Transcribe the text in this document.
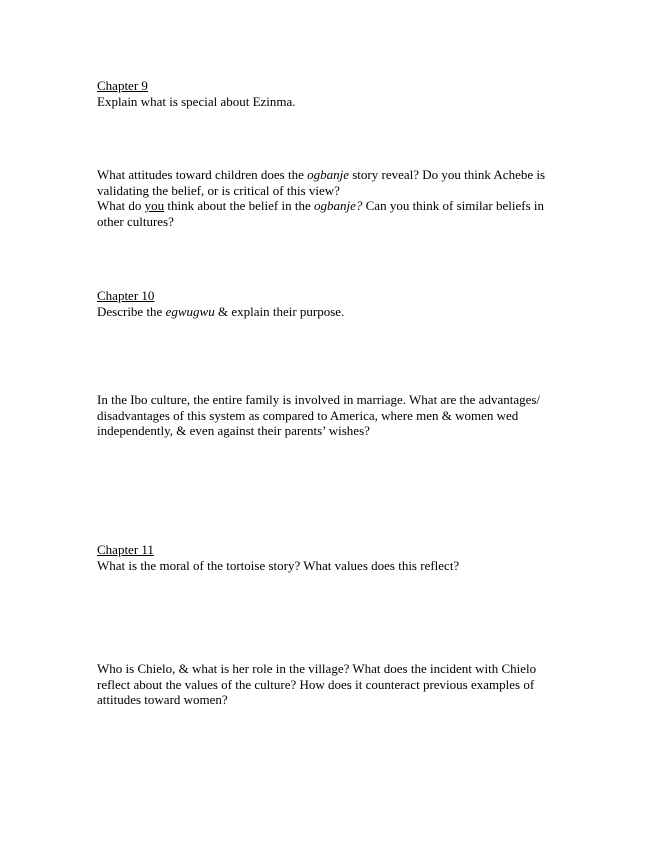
Chapter 9

Explain what is special about Ezinma.

What attitudes toward children does the ogbanje story reveal? Do you think Achebe is validating the belief, or is critical of this view?

What do you think about the belief in the ogbanje? Can you think of similar beliefs in other cultures?

Chapter 10

Describe the egwugwu & explain their purpose.

In the Ibo culture, the entire family is involved in marriage. What are the advantages/ disadvantages of this system as compared to America, where men & women wed independently, & even against their parents’ wishes?

Chapter 11

What is the moral of the tortoise story? What values does this reflect?

Who is Chielo, & what is her role in the village? What does the incident with Chielo reflect about the values of the culture? How does it counteract previous examples of attitudes toward women?
